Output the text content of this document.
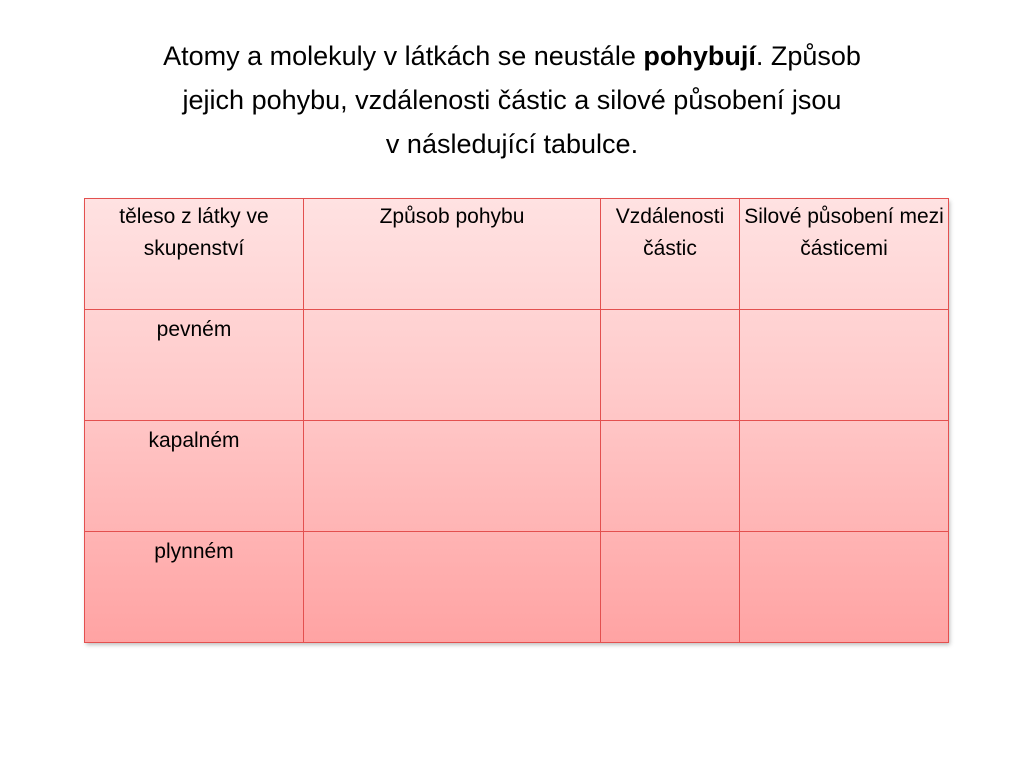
Atomy a molekuly v látkách se neustále pohybují. Způsob
jejich pohybu, vzdálenosti částic a silové působení jsou
v následující tabulce.
těleso z látky ve skupenství	Způsob pohybu	Vzdálenosti částic	Silové působení mezi částicemi
pevném			
kapalném			
plynném			
